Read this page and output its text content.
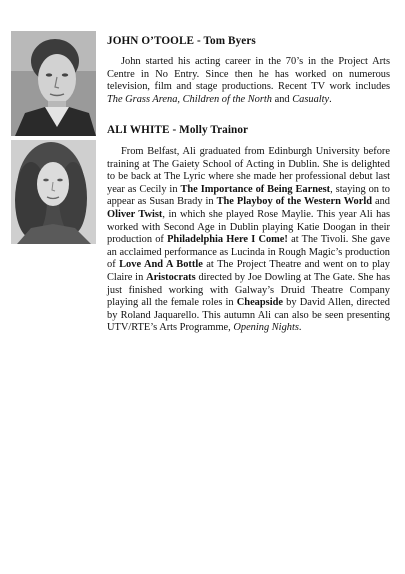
JOHN O’TOOLE - Tom Byers

John started his acting career in the 70’s in the Project Arts Centre in No Entry. Since then he has worked on numerous television, film and stage productions. Recent TV work includes The Grass Arena, Children of the North and Casualty.

ALI WHITE - Molly Trainor

From Belfast, Ali graduated from Edinburgh University before training at The Gaiety School of Acting in Dublin. She is delighted to be back at The Lyric where she made her professional debut last year as Cecily in The Importance of Being Earnest, staying on to appear as Susan Brady in The Playboy of the Western World and Oliver Twist, in which she played Rose Maylie. This year Ali has worked with Second Age in Dublin playing Katie Doogan in their production of Philadelphia Here I Come! at The Tivoli. She gave an acclaimed performance as Lucinda in Rough Magic’s production of Love And A Bottle at The Project Theatre and went on to play Claire in Aristocrats directed by Joe Dowling at The Gate. She has just finished working with Galway’s Druid Theatre Company playing all the female roles in Cheapside by David Allen, directed by Roland Jaquarello. This autumn Ali can also be seen presenting UTV/RTE’s Arts Programme, Opening Nights.
